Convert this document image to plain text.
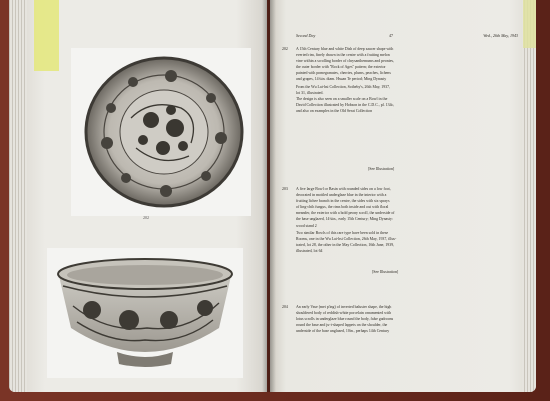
202
Second Day	47	Wed., 26th May, 1943
202 A 15th Century blue and white Dish of deep saucer shape with
everted rim, finely drawn in the centre with a fruiting melon
vine within a scrolling border of chrysanthemums and peonies,
the outer border with "Rock of Ages" pattern; the exterior
painted with pomegranates, cherries, plums, peaches, lichens
and grapes, 14¼in. diam. Hsuan Te period; Ming Dynasty
From the Wu Lai-hsi Collection, Sotheby's, 26th May, 1937,
lot 31, illustrated.
The design is also seen on a smaller scale on a Bowl in the
David Collection illustrated by Hobson in the C.D.C., pl. 134c,
and also on examples in the Old Serai Collection
[See Illustration]
203 A five large Bowl or Basin with rounded sides on a low foot,
decorated in mottled underglaze blue in the interior with a
fruiting lichee branch in the centre, the sides with six sprays
of ling-chih fungus, the rims both inside and out with floral
meander, the exterior with a bold peony scroll, the underside of
the base unglazed, 14¼in., early 15th Century; Ming Dynasty:
wood stand 2
Two similar Bowls of this rare type have been sold in these
Rooms, one in the Wu Lai-hsi Collection, 26th May, 1937, illus-
trated, lot 28, the other in the May Collection, 16th June, 1939,
illustrated, lot 64
[See Illustration]
204 An early Vase (mei p'ing) of inverted baluster shape, the high
shouldered body of reddish-white porcelain ornamented with
lotus scrolls in underglaze blue round the body, false gadroons
round the base and ju-i-shaped lappets on the shoulder, the
underside of the base unglazed, 10in., perhaps 14th Century
